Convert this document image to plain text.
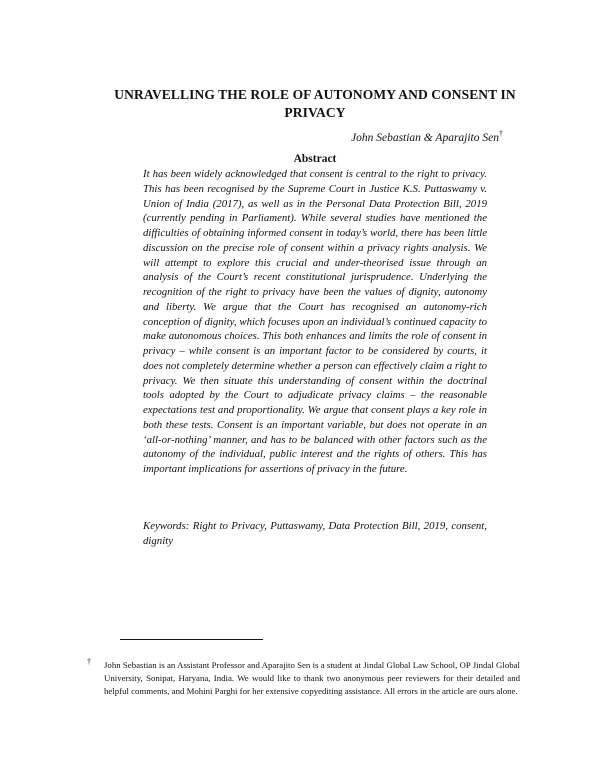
UNRAVELLING THE ROLE OF AUTONOMY AND CONSENT IN PRIVACY
John Sebastian & Aparajito Sen†
Abstract

It has been widely acknowledged that consent is central to the right to privacy. This has been recognised by the Supreme Court in Justice K.S. Puttaswamy v. Union of India (2017), as well as in the Personal Data Protection Bill, 2019 (currently pending in Parliament). While several studies have mentioned the difficulties of obtaining informed consent in today’s world, there has been little discussion on the precise role of consent within a privacy rights analysis. We will attempt to explore this crucial and under-theorised issue through an analysis of the Court’s recent constitutional jurisprudence. Underlying the recognition of the right to privacy have been the values of dignity, autonomy and liberty. We argue that the Court has recognised an autonomy-rich conception of dignity, which focuses upon an individual’s continued capacity to make autonomous choices. This both enhances and limits the role of consent in privacy – while consent is an important factor to be considered by courts, it does not completely determine whether a person can effectively claim a right to privacy. We then situate this understanding of consent within the doctrinal tools adopted by the Court to adjudicate privacy claims – the reasonable expectations test and proportionality. We argue that consent plays a key role in both these tests. Consent is an important variable, but does not operate in an ‘all-or-nothing’ manner, and has to be balanced with other factors such as the autonomy of the individual, public interest and the rights of others. This has important implications for assertions of privacy in the future.

Keywords: Right to Privacy, Puttaswamy, Data Protection Bill, 2019, consent, dignity

† John Sebastian is an Assistant Professor and Aparajito Sen is a student at Jindal Global Law School, OP Jindal Global University, Sonipat, Haryana, India. We would like to thank two anonymous peer reviewers for their detailed and helpful comments, and Mohini Parghi for her extensive copyediting assistance. All errors in the article are ours alone.
